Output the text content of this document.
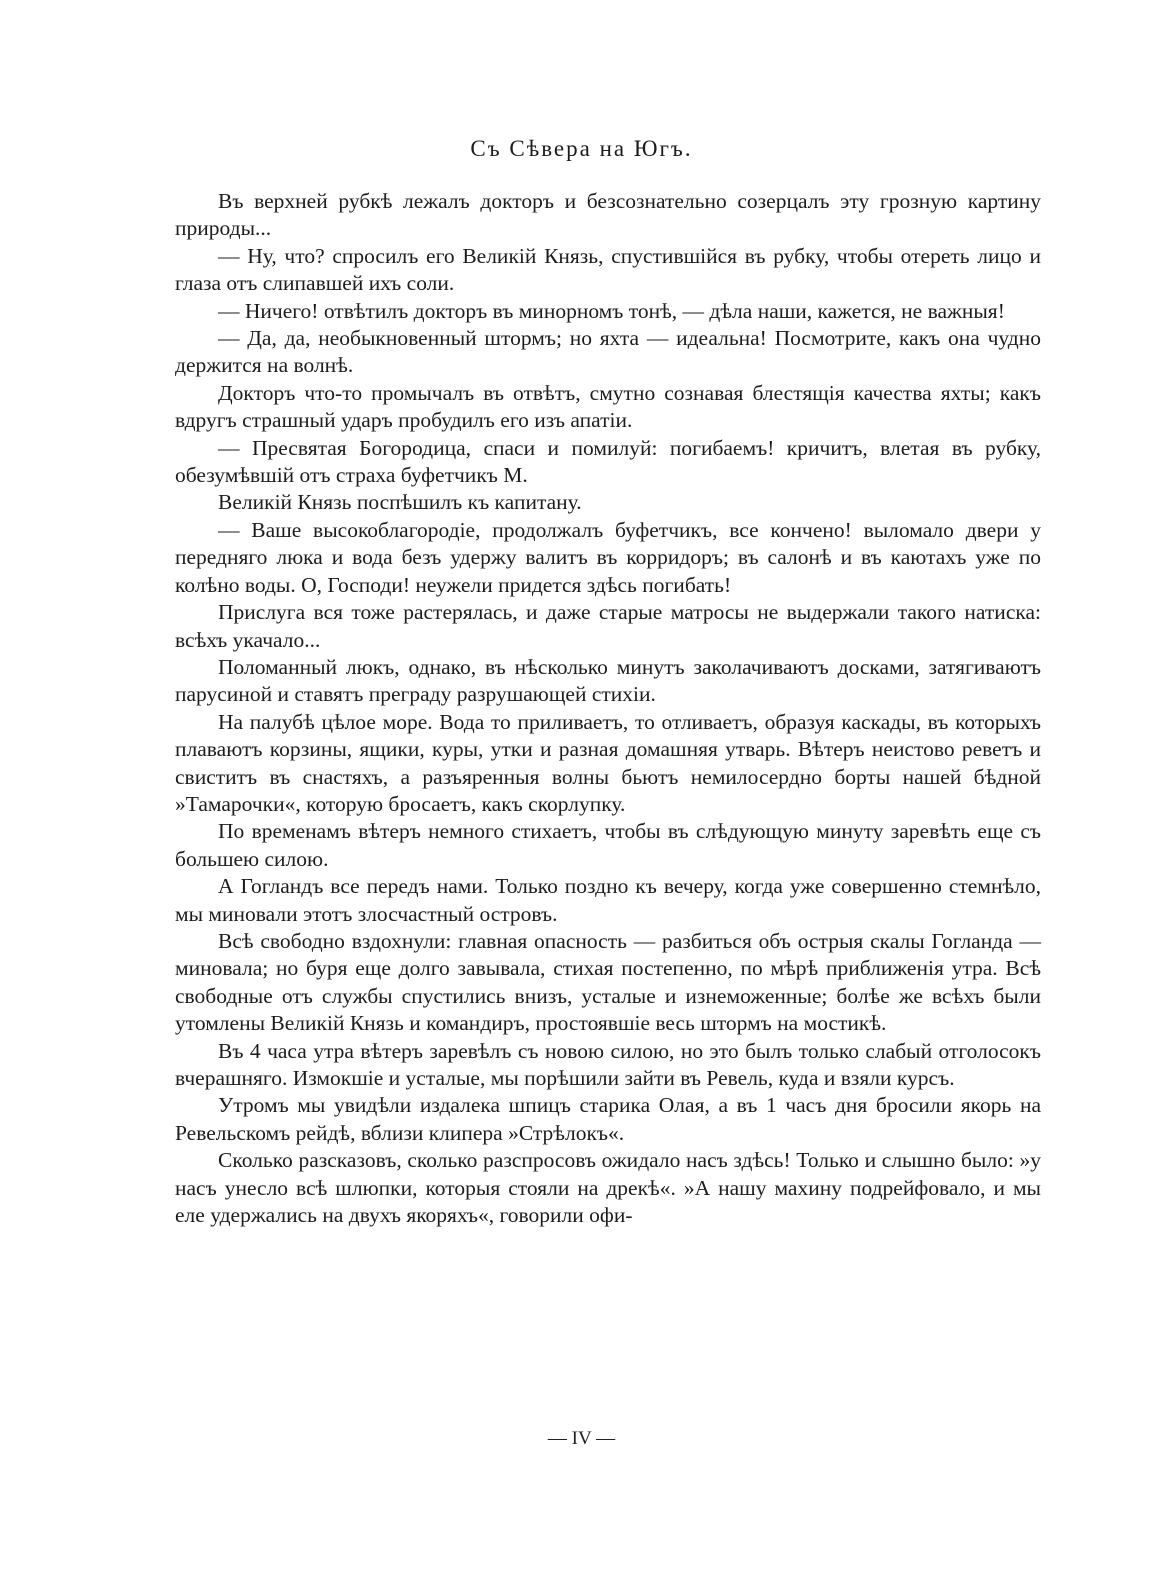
Съ Сѣвера на Югъ.

Въ верхней рубкѣ лежалъ докторъ и безсознательно созерцалъ эту грозную картину природы...

— Ну, что? спросилъ его Великій Князь, спустившійся въ рубку, чтобы отереть лицо и глаза отъ слипавшей ихъ соли.

— Ничего! отвѣтилъ докторъ въ минорномъ тонѣ, — дѣла наши, кажется, не важныя!

— Да, да, необыкновенный штормъ; но яхта — идеальна! Посмотрите, какъ она чудно держится на волнѣ.

Докторъ что-то промычалъ въ отвѣтъ, смутно сознавая блестящія качества яхты; какъ вдругъ страшный ударъ пробудилъ его изъ апатіи.

— Пресвятая Богородица, спаси и помилуй: погибаемъ! кричитъ, влетая въ рубку, обезумѣвшій отъ страха буфетчикъ М.

Великій Князь поспѣшилъ къ капитану.

— Ваше высокоблагородіе, продолжалъ буфетчикъ, все кончено! выломало двери у передняго люка и вода безъ удержу валитъ въ корридоръ; въ салонѣ и въ каютахъ уже по колѣно воды. О, Господи! неужели придется здѣсь погибать!

Прислуга вся тоже растерялась, и даже старые матросы не выдержали такого натиска: всѣхъ укачало...

Поломанный люкъ, однако, въ нѣсколько минутъ заколачиваютъ досками, затягиваютъ парусиной и ставятъ преграду разрушающей стихіи.

На палубѣ цѣлое море. Вода то приливаетъ, то отливаетъ, образуя каскады, въ которыхъ плаваютъ корзины, ящики, куры, утки и разная домашняя утварь. Вѣтеръ неистово реветъ и свиститъ въ снастяхъ, а разъяренныя волны бьютъ немилосердно борты нашей бѣдной »Тамарочки«, которую бросаетъ, какъ скорлупку.

По временамъ вѣтеръ немного стихаетъ, чтобы въ слѣдующую минуту заревѣть еще съ большею силою.

А Гогландъ все передъ нами. Только поздно къ вечеру, когда уже совершенно стемнѣло, мы миновали этотъ злосчастный островъ.

Всѣ свободно вздохнули: главная опасность — разбиться объ острыя скалы Гогланда — миновала; но буря еще долго завывала, стихая постепенно, по мѣрѣ приближенія утра. Всѣ свободные отъ службы спустились внизъ, усталые и изнеможенные; болѣе же всѣхъ были утомлены Великій Князь и командиръ, простоявшіе весь штормъ на мостикѣ.

Въ 4 часа утра вѣтеръ заревѣлъ съ новою силою, но это былъ только слабый отголосокъ вчерашняго. Измокшіе и усталые, мы порѣшили зайти въ Ревель, куда и взяли курсъ.

Утромъ мы увидѣли издалека шпицъ старика Олая, а въ 1 часъ дня бросили якорь на Ревельскомъ рейдѣ, вблизи клипера »Стрѣлокъ«.

Сколько разсказовъ, сколько разспросовъ ожидало насъ здѣсь! Только и слышно было: »у насъ унесло всѣ шлюпки, которыя стояли на дрекѣ«. »А нашу махину подрейфовало, и мы еле удержались на двухъ якоряхъ«, говорили офи-

— IV —
